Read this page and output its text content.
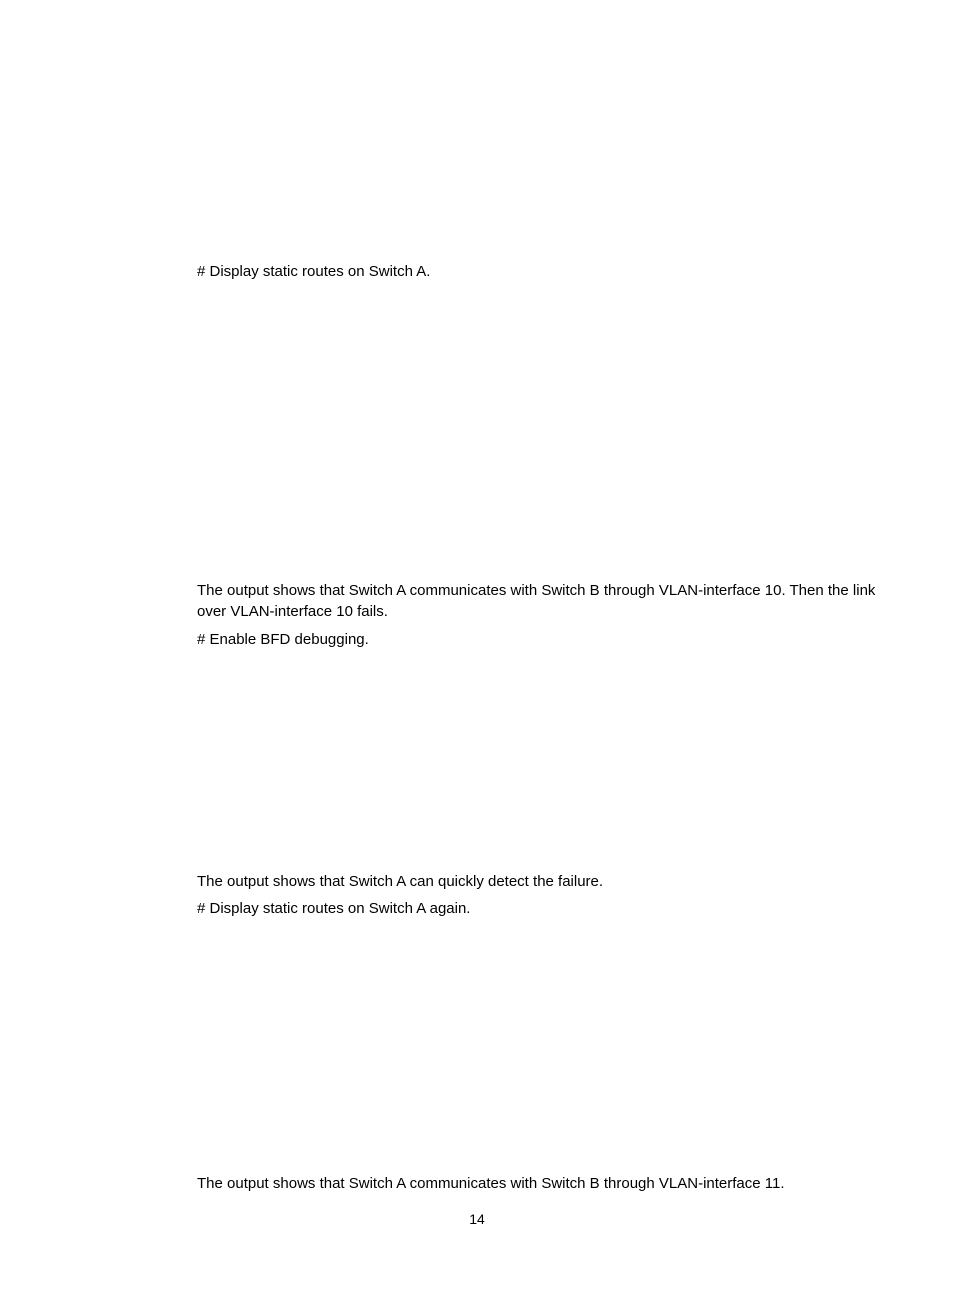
# Display static routes on Switch A.

The output shows that Switch A communicates with Switch B through VLAN-interface 10. Then the link over VLAN-interface 10 fails.

# Enable BFD debugging.

The output shows that Switch A can quickly detect the failure.

# Display static routes on Switch A again.

The output shows that Switch A communicates with Switch B through VLAN-interface 11.

14
